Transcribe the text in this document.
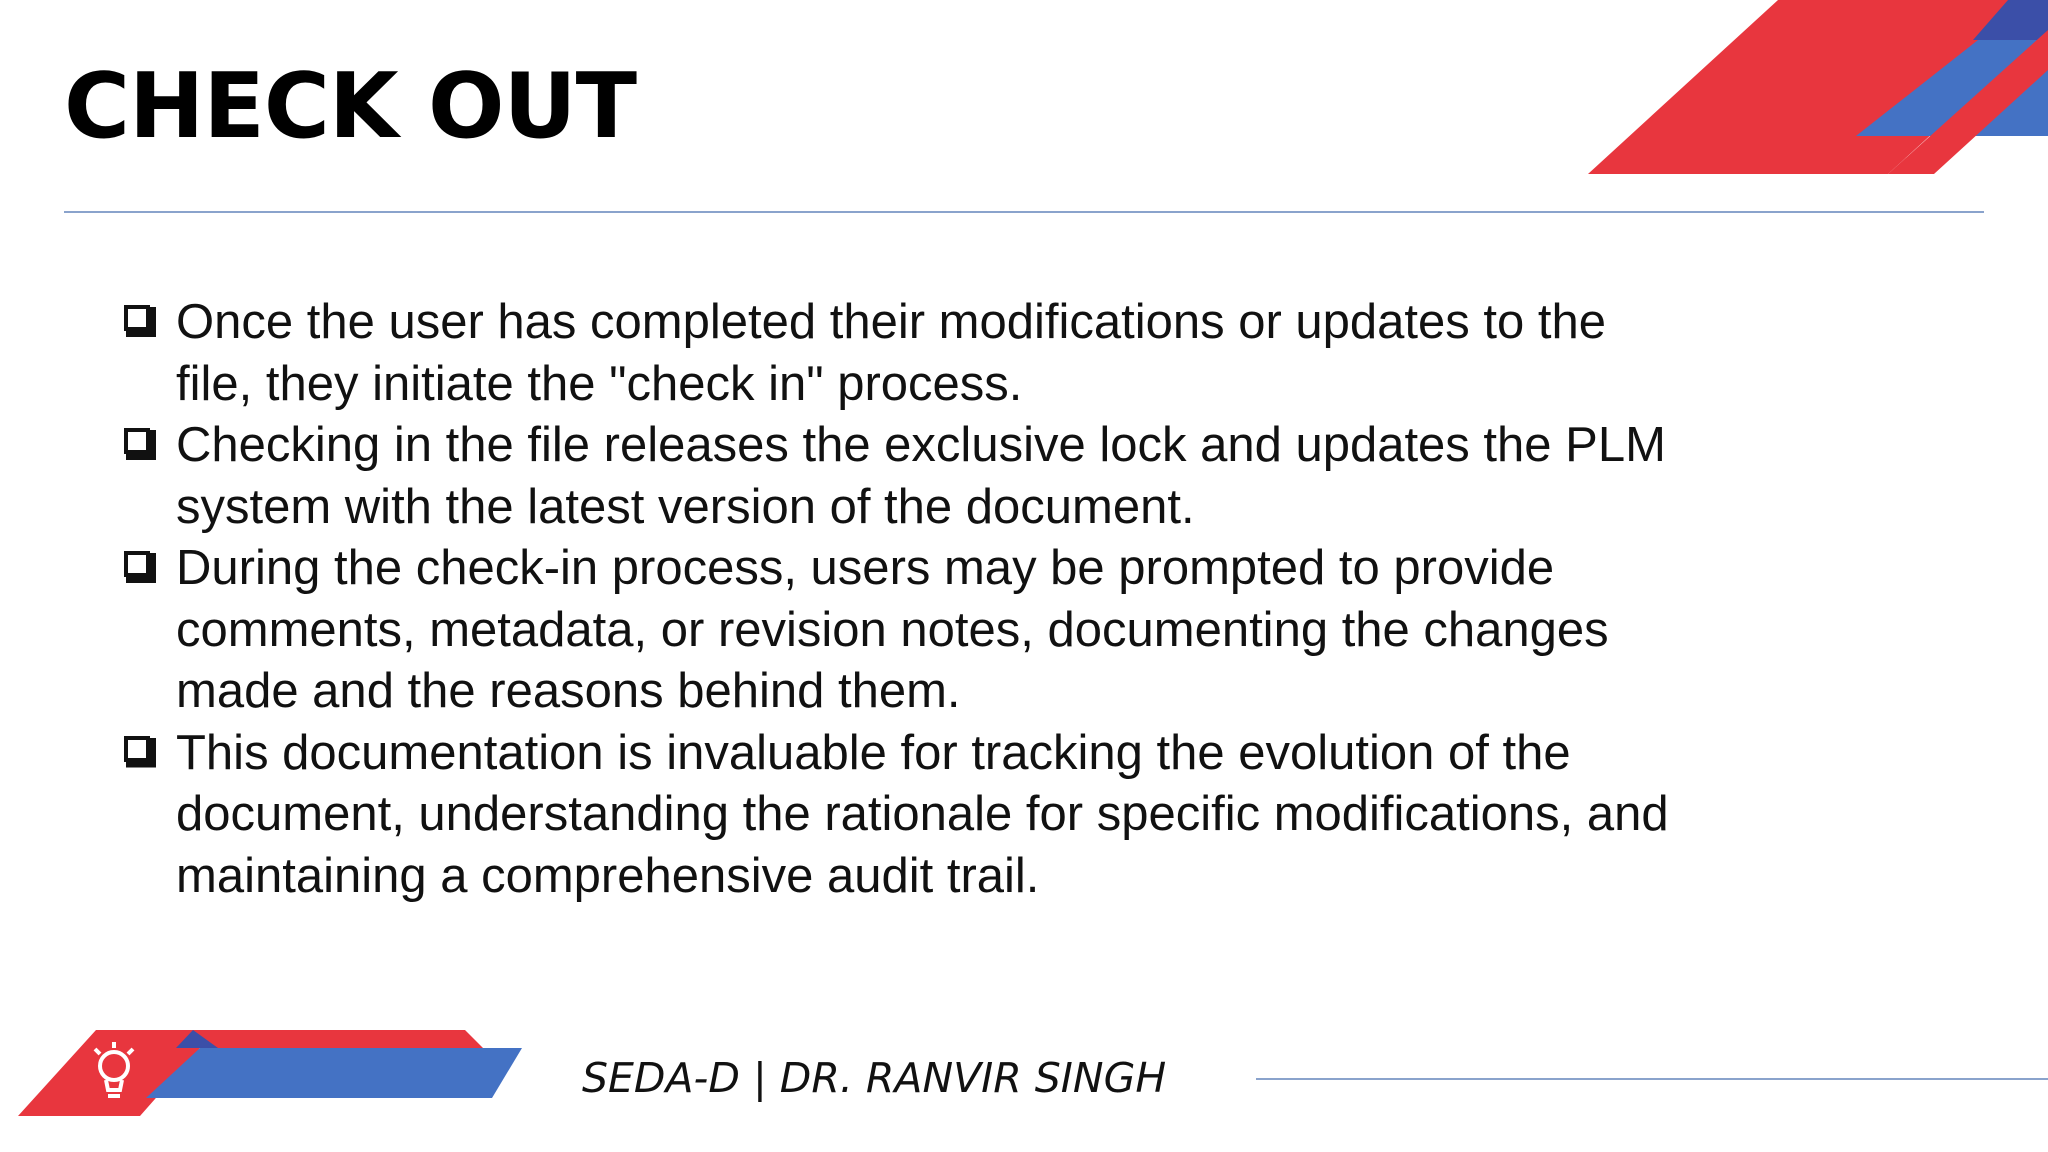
CHECK OUT
Once the user has completed their modifications or updates to the file, they initiate the "check in" process.
Checking in the file releases the exclusive lock and updates the PLM system with the latest version of the document.
During the check-in process, users may be prompted to provide comments, metadata, or revision notes, documenting the changes made and the reasons behind them.
This documentation is invaluable for tracking the evolution of the document, understanding the rationale for specific modifications, and maintaining a comprehensive audit trail.
SEDA-D | DR. RANVIR SINGH
